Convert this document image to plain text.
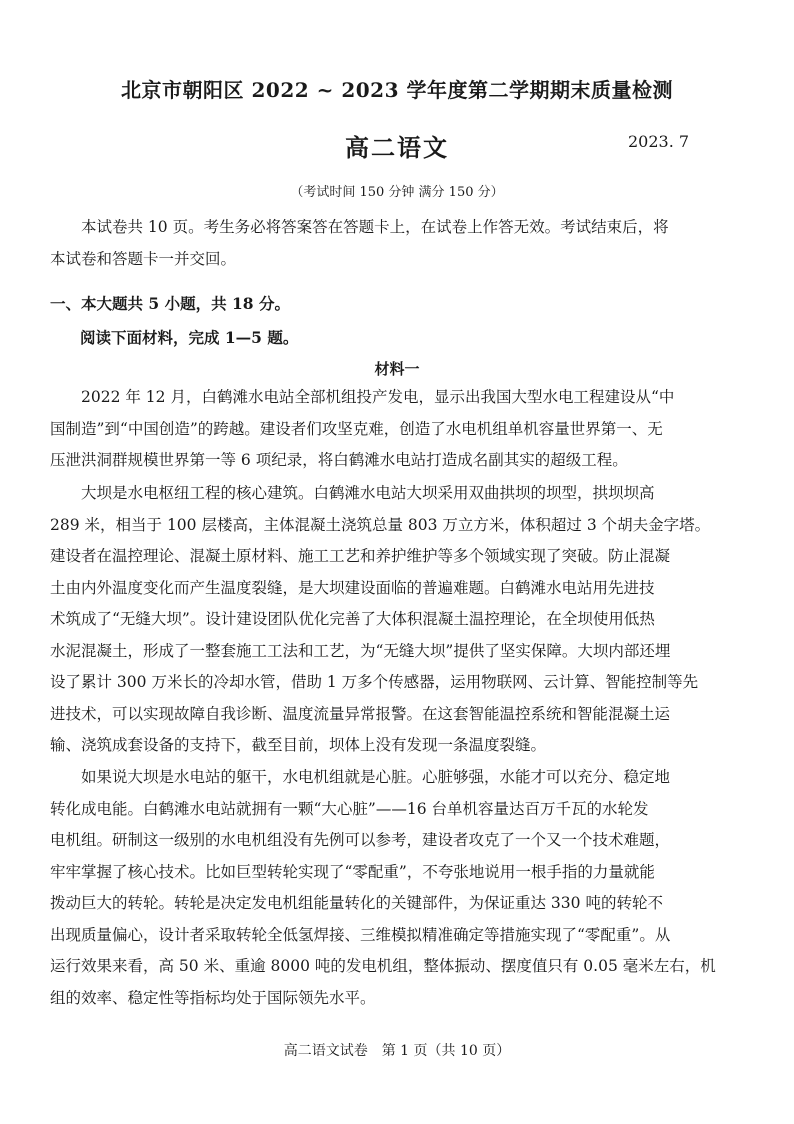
北京市朝阳区 2022 ~ 2023 学年度第二学期期末质量检测
高二语文	2023. 7
（考试时间 150 分钟 满分 150 分）
本试卷共 10 页。考生务必将答案答在答题卡上，在试卷上作答无效。考试结束后，将
本试卷和答题卡一并交回。
一、本大题共 5 小题，共 18 分。
阅读下面材料，完成 1—5 题。
材料一
2022 年 12 月，白鹤滩水电站全部机组投产发电，显示出我国大型水电工程建设从“中
国制造”到“中国创造”的跨越。建设者们攻坚克难，创造了水电机组单机容量世界第一、无
压泄洪洞群规模世界第一等 6 项纪录，将白鹤滩水电站打造成名副其实的超级工程。
大坝是水电枢纽工程的核心建筑。白鹤滩水电站大坝采用双曲拱坝的坝型，拱坝坝高
289 米，相当于 100 层楼高，主体混凝土浇筑总量 803 万立方米，体积超过 3 个胡夫金字塔。
建设者在温控理论、混凝土原材料、施工工艺和养护维护等多个领域实现了突破。防止混凝
土由内外温度变化而产生温度裂缝，是大坝建设面临的普遍难题。白鹤滩水电站用先进技
术筑成了“无缝大坝”。设计建设团队优化完善了大体积混凝土温控理论，在全坝使用低热
水泥混凝土，形成了一整套施工工法和工艺，为“无缝大坝”提供了坚实保障。大坝内部还埋
设了累计 300 万米长的冷却水管，借助 1 万多个传感器，运用物联网、云计算、智能控制等先
进技术，可以实现故障自我诊断、温度流量异常报警。在这套智能温控系统和智能混凝土运
输、浇筑成套设备的支持下，截至目前，坝体上没有发现一条温度裂缝。
如果说大坝是水电站的躯干，水电机组就是心脏。心脏够强，水能才可以充分、稳定地
转化成电能。白鹤滩水电站就拥有一颗“大心脏”——16 台单机容量达百万千瓦的水轮发
电机组。研制这一级别的水电机组没有先例可以参考，建设者攻克了一个又一个技术难题，
牢牢掌握了核心技术。比如巨型转轮实现了“零配重”，不夸张地说用一根手指的力量就能
拨动巨大的转轮。转轮是决定发电机组能量转化的关键部件，为保证重达 330 吨的转轮不
出现质量偏心，设计者采取转轮全低氢焊接、三维模拟精准确定等措施实现了“零配重”。从
运行效果来看，高 50 米、重逾 8000 吨的发电机组，整体振动、摆度值只有 0.05 毫米左右，机
组的效率、稳定性等指标均处于国际领先水平。
高二语文试卷　第 1 页（共 10 页）
